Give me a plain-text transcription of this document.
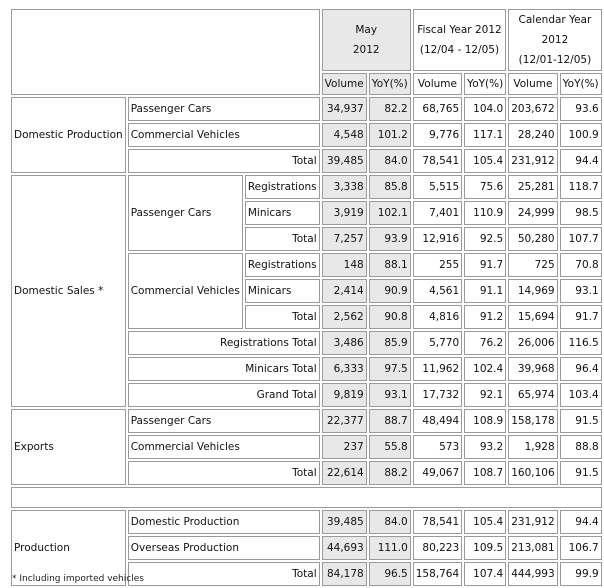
			May
2012		Fiscal Year 2012
(12/04 - 12/05)		Calendar Year 2012
(12/01-12/05)	
			Volume	YoY(%)	Volume	YoY(%)	Volume	YoY(%)
Domestic Production	Passenger Cars		34,937	82.2	68,765	104.0	203,672	93.6
	Commercial Vehicles		4,548	101.2	9,776	117.1	28,240	100.9
	Total		39,485	84.0	78,541	105.4	231,912	94.4
Domestic Sales *	Passenger Cars	Registrations	3,338	85.8	5,515	75.6	25,281	118.7
		Minicars	3,919	102.1	7,401	110.9	24,999	98.5
		Total	7,257	93.9	12,916	92.5	50,280	107.7
	Commercial Vehicles	Registrations	148	88.1	255	91.7	725	70.8
		Minicars	2,414	90.9	4,561	91.1	14,969	93.1
		Total	2,562	90.8	4,816	91.2	15,694	91.7
	Registrations Total		3,486	85.9	5,770	76.2	26,006	116.5
	Minicars Total		6,333	97.5	11,962	102.4	39,968	96.4
	Grand Total		9,819	93.1	17,732	92.1	65,974	103.4
Exports	Passenger Cars		22,377	88.7	48,494	108.9	158,178	91.5
	Commercial Vehicles		237	55.8	573	93.2	1,928	88.8
	Total		22,614	88.2	49,067	108.7	160,106	91.5

Production	Domestic Production		39,485	84.0	78,541	105.4	231,912	94.4
	Overseas Production		44,693	111.0	80,223	109.5	213,081	106.7
	Total		84,178	96.5	158,764	107.4	444,993	99.9
* Including imported vehicles
